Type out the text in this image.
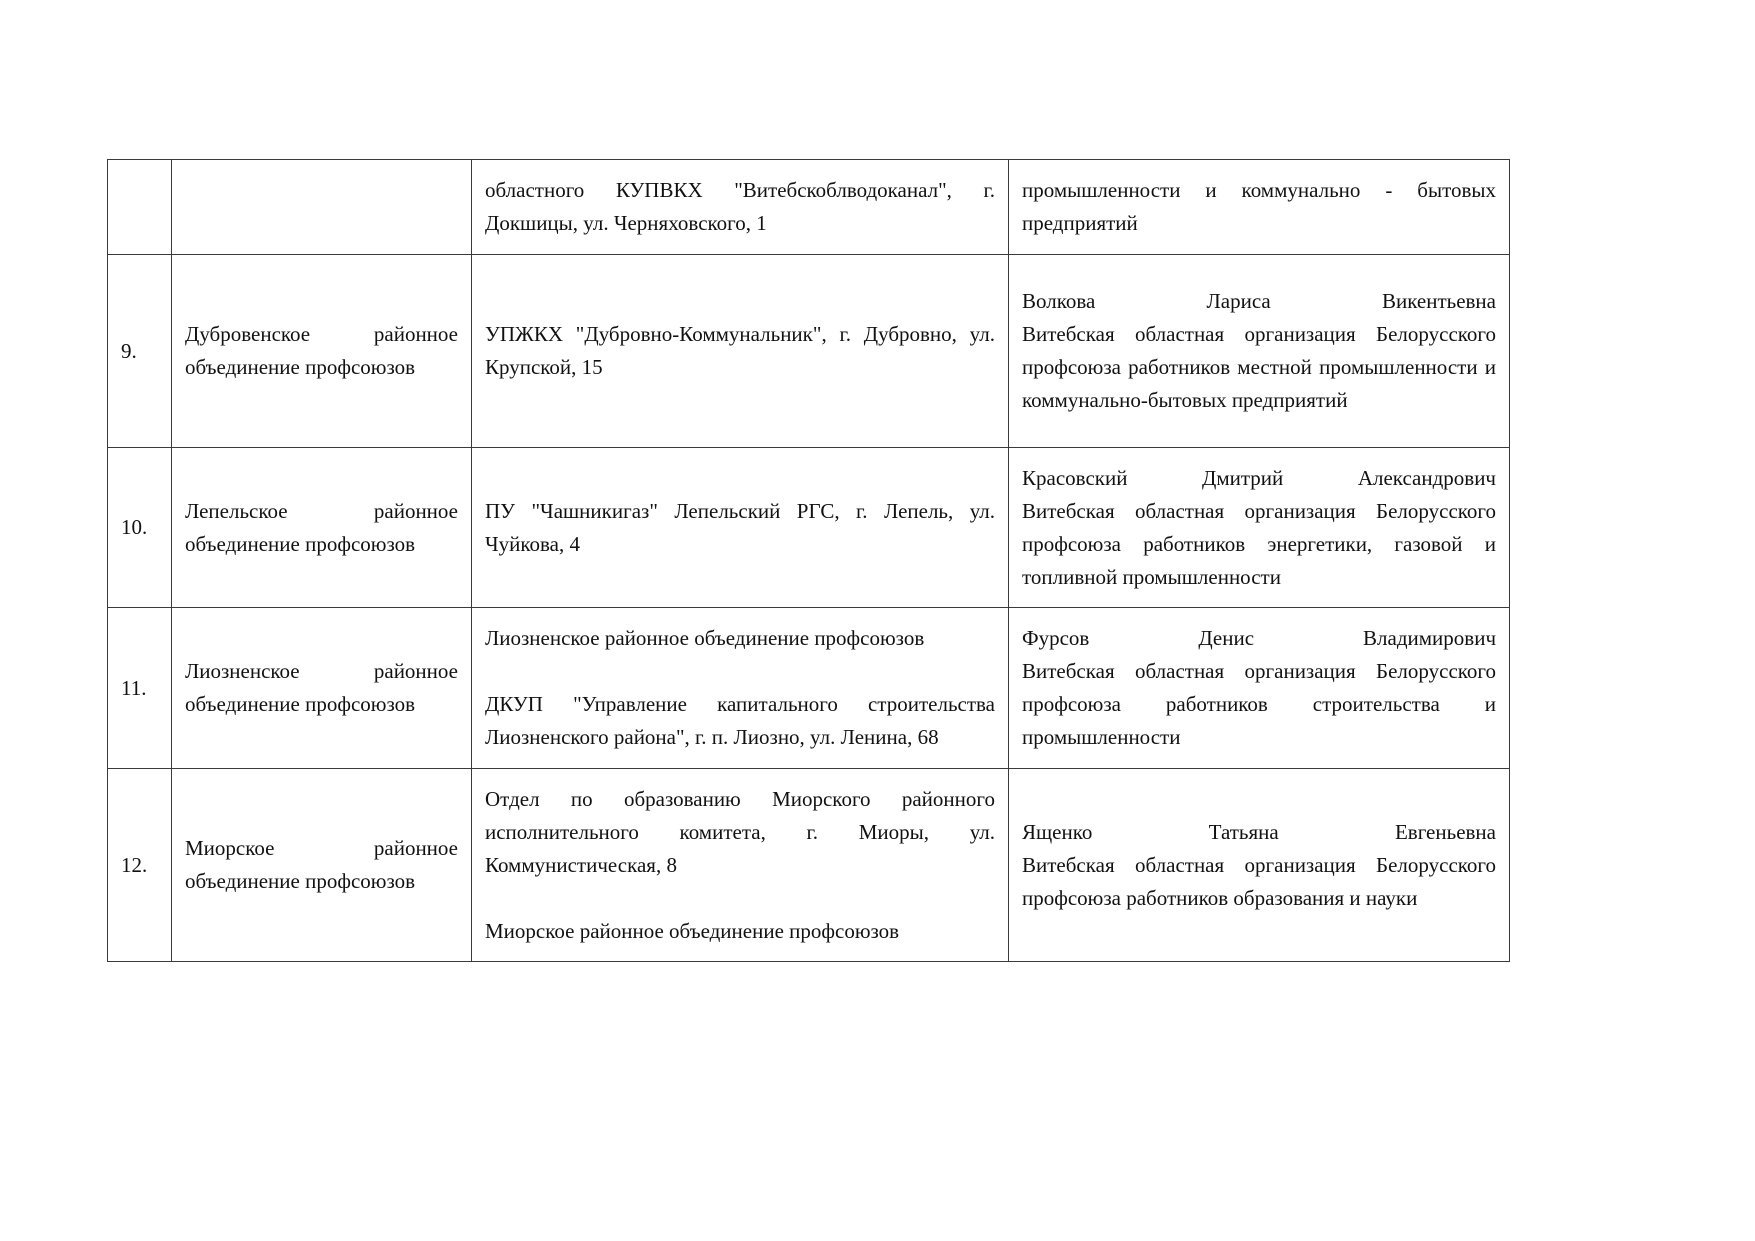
		областного КУПВКХ "Витебскоблводоканал", г. Докшицы, ул. Черняховского, 1	промышленности и коммунально - бытовых предприятий

9.	Дубровенское районное объединение профсоюзов	УПЖКХ "Дубровно-Коммунальник", г. Дубровно, ул. Крупской, 15	Волкова Лариса Викентьевна
Витебская областная организация Белорусского профсоюза работников местной промышленности и коммунально-бытовых предприятий

10.	Лепельское районное объединение профсоюзов	ПУ "Чашникигаз" Лепельский РГС, г. Лепель, ул. Чуйкова, 4	Красовский Дмитрий Александрович
Витебская областная организация Белорусского профсоюза работников энергетики, газовой и топливной промышленности

11.	Лиозненское районное объединение профсоюзов	Лиозненское районное объединение профсоюзов
ДКУП "Управление капитального строительства Лиозненского района", г. п. Лиозно, ул. Ленина, 68	Фурсов Денис Владимирович
Витебская областная организация Белорусского профсоюза работников строительства и промышленности

12.	Миорское районное объединение профсоюзов	Отдел по образованию Миорского районного исполнительного комитета, г. Миоры, ул. Коммунистическая, 8
Миорское районное объединение профсоюзов	Ященко Татьяна Евгеньевна
Витебская областная организация Белорусского профсоюза работников образования и науки
